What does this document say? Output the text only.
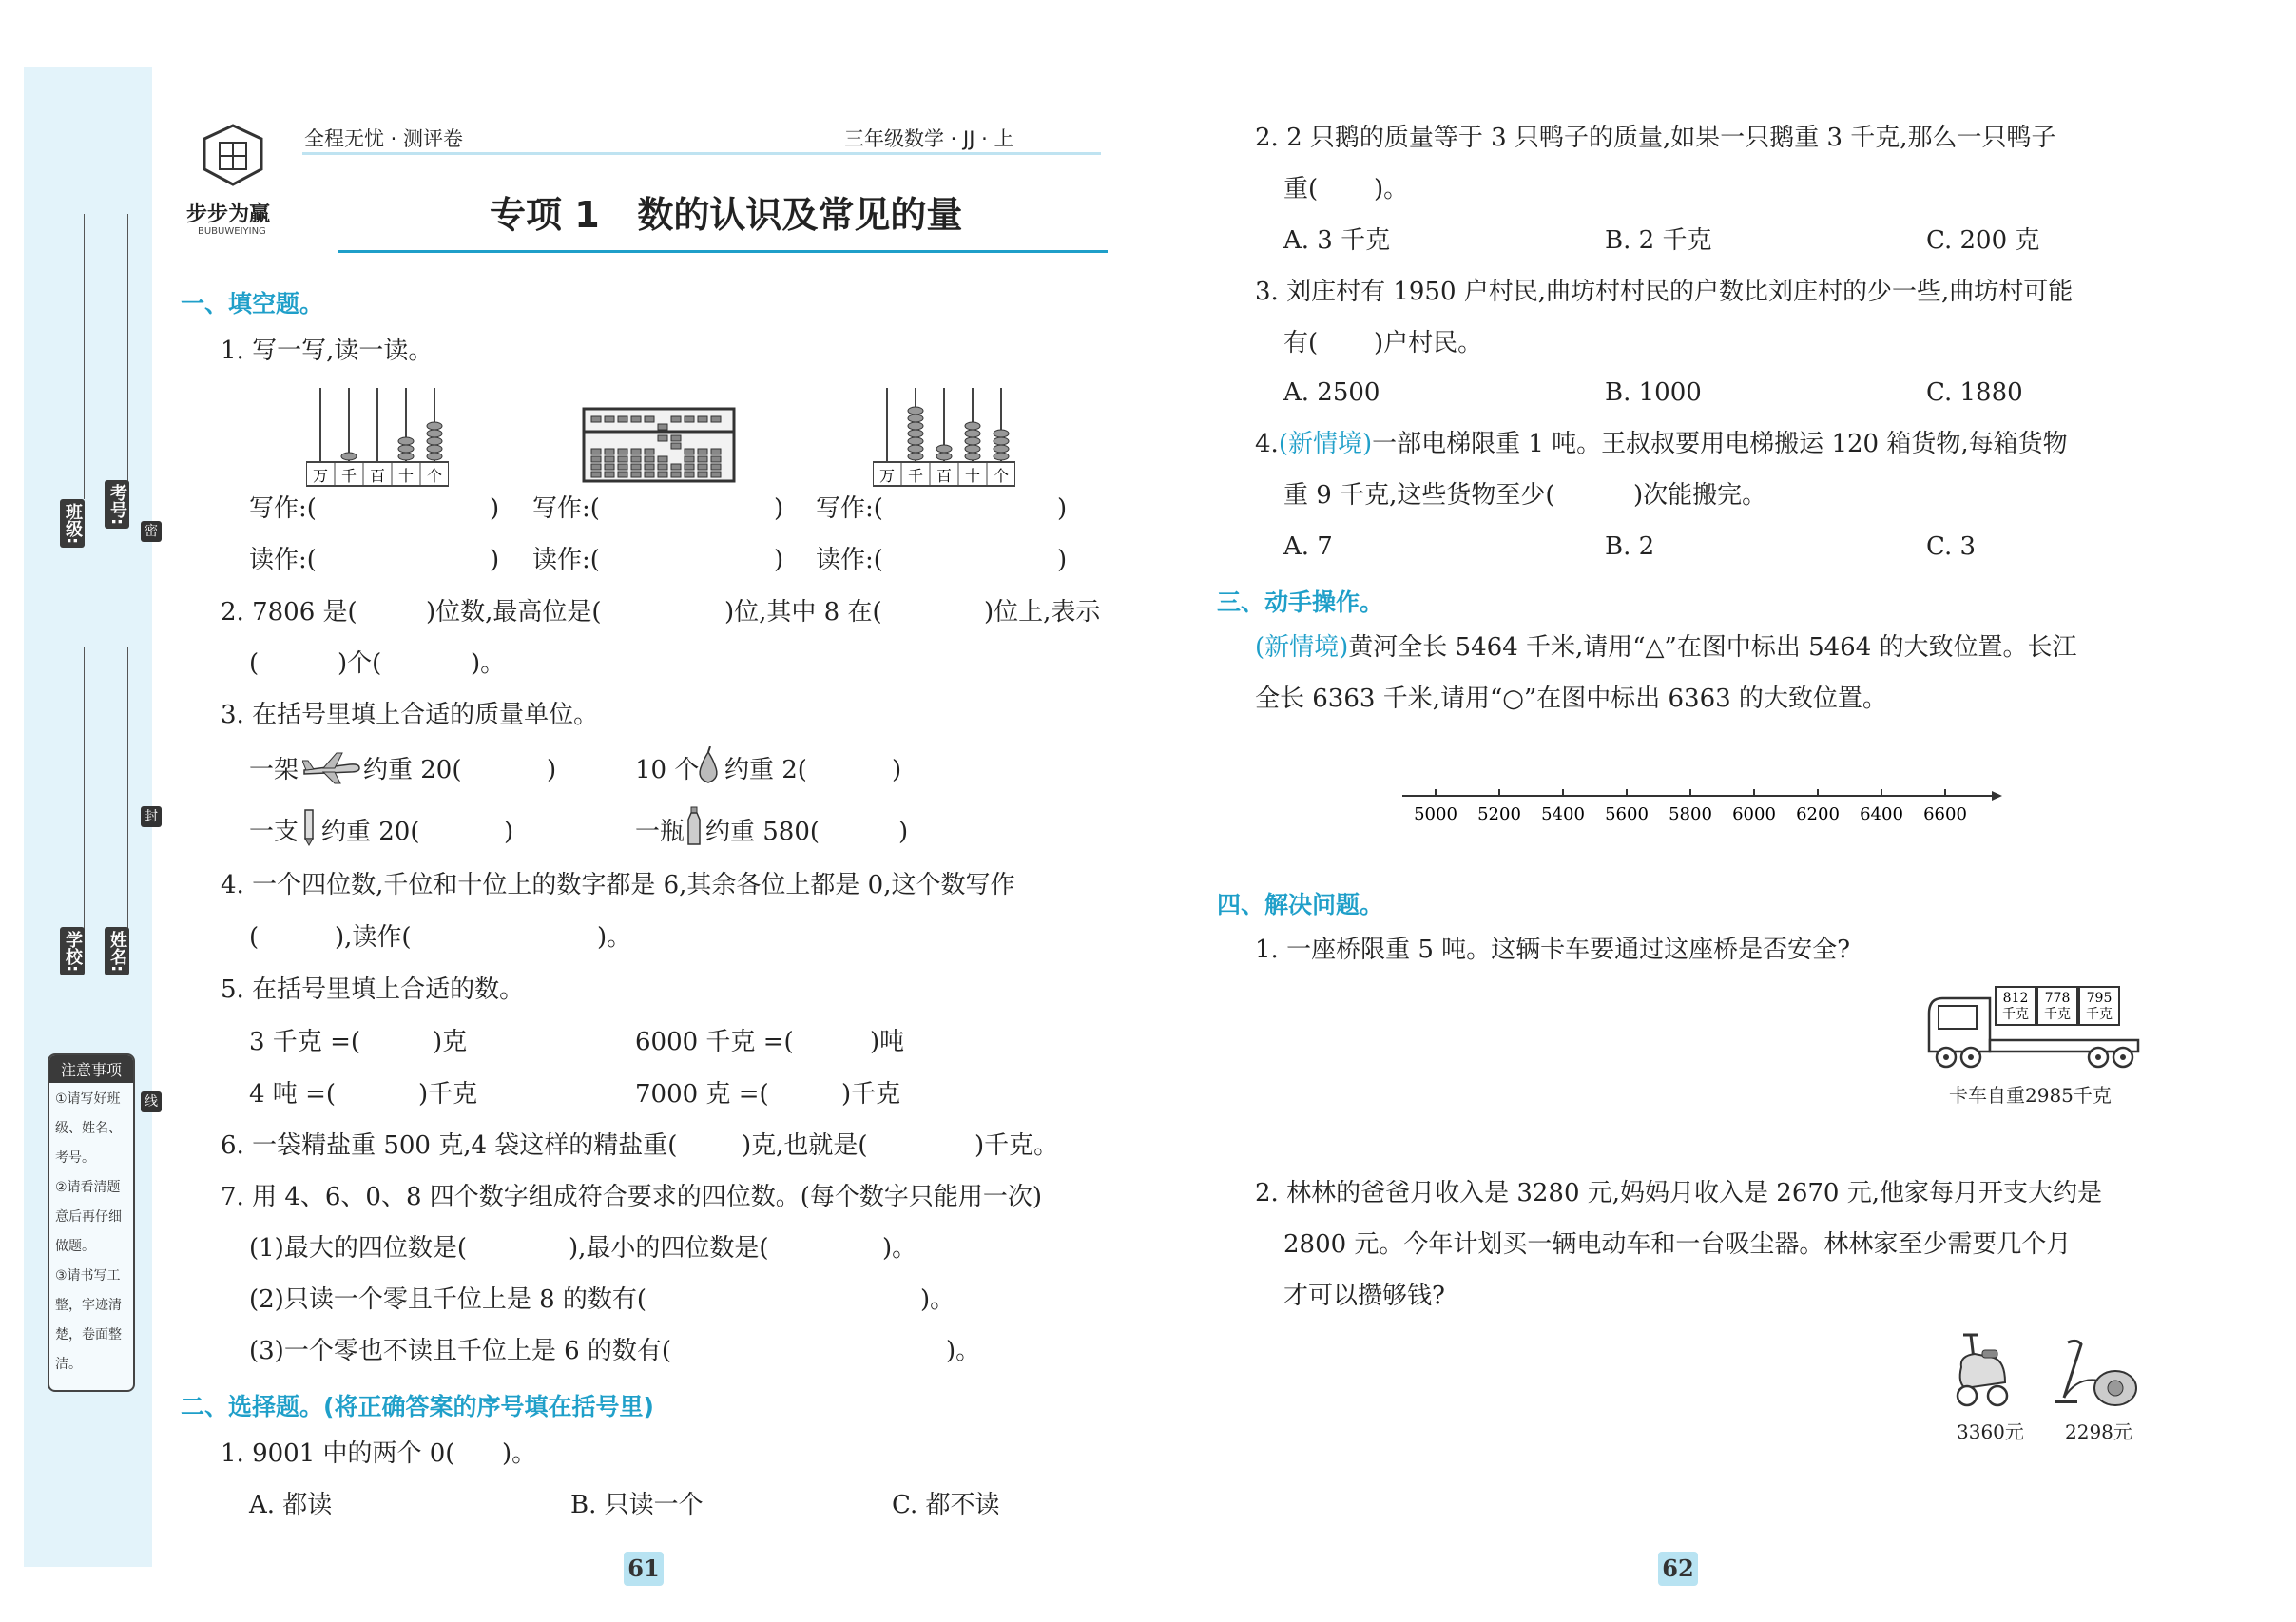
班级: 考号:
密
封
线
学校: 姓名:
注意事项
①请写好班级、姓名、考号。
②请看清题意后再仔细做题。
③请书写工整，字迹清楚，卷面整洁。
步步为赢
BUBUWEIYING
全程无忧 · 测评卷	三年级数学 · JJ · 上
专项 1 数的认识及常见的量
一、填空题。
1. 写一写,读一读。
万 千 百 十 个	万 千 百 十 个
写作:(	) 写作:(	) 写作:(	)
读作:(	) 读作:(	) 读作:(	)
2. 7806 是(	)位数,最高位是(	)位,其中 8 在(	)位上,表示
(	)个(	)。
3. 在括号里填上合适的质量单位。
一架	约重 20(	)	10 个 约重 2(	)
一支 约重 20(	)	一瓶 约重 580(	)
4. 一个四位数,千位和十位上的数字都是 6,其余各位上都是 0,这个数写作
(	),读作(	)。
5. 在括号里填上合适的数。
3 千克 =(	)克	6000 千克 =(	)吨
4 吨 =(	)千克	7000 克 =(	)千克
6. 一袋精盐重 500 克,4 袋这样的精盐重(	)克,也就是(	)千克。
7. 用 4、6、0、8 四个数字组成符合要求的四位数。(每个数字只能用一次)
(1)最大的四位数是(	),最小的四位数是(	)。
(2)只读一个零且千位上是 8 的数有(	)。
(3)一个零也不读且千位上是 6 的数有(	)。
二、选择题。(将正确答案的序号填在括号里)
1. 9001 中的两个 0( )。
A. 都读	B. 只读一个	C. 都不读
61
2. 2 只鹅的质量等于 3 只鸭子的质量,如果一只鹅重 3 千克,那么一只鸭子
重( )。
A. 3 千克	B. 2 千克	C. 200 克
3. 刘庄村有 1950 户村民,曲坊村村民的户数比刘庄村的少一些,曲坊村可能
有( )户村民。
A. 2500	B. 1000	C. 1880
4.(新情境)一部电梯限重 1 吨。王叔叔要用电梯搬运 120 箱货物,每箱货物
重 9 千克,这些货物至少(	)次能搬完。
A. 7	B. 2	C. 3
三、动手操作。
(新情境)黄河全长 5464 千米,请用“△”在图中标出 5464 的大致位置。长江
全长 6363 千米,请用“○”在图中标出 6363 的大致位置。
5000 5200 5400 5600 5800 6000 6200 6400 6600
四、解决问题。
1. 一座桥限重 5 吨。这辆卡车要通过这座桥是否安全?
812
千克
778
千克
795
千克
卡车自重2985千克
2. 林林的爸爸月收入是 3280 元,妈妈月收入是 2670 元,他家每月开支大约是
2800 元。今年计划买一辆电动车和一台吸尘器。林林家至少需要几个月
才可以攒够钱?
3360元 2298元
62
